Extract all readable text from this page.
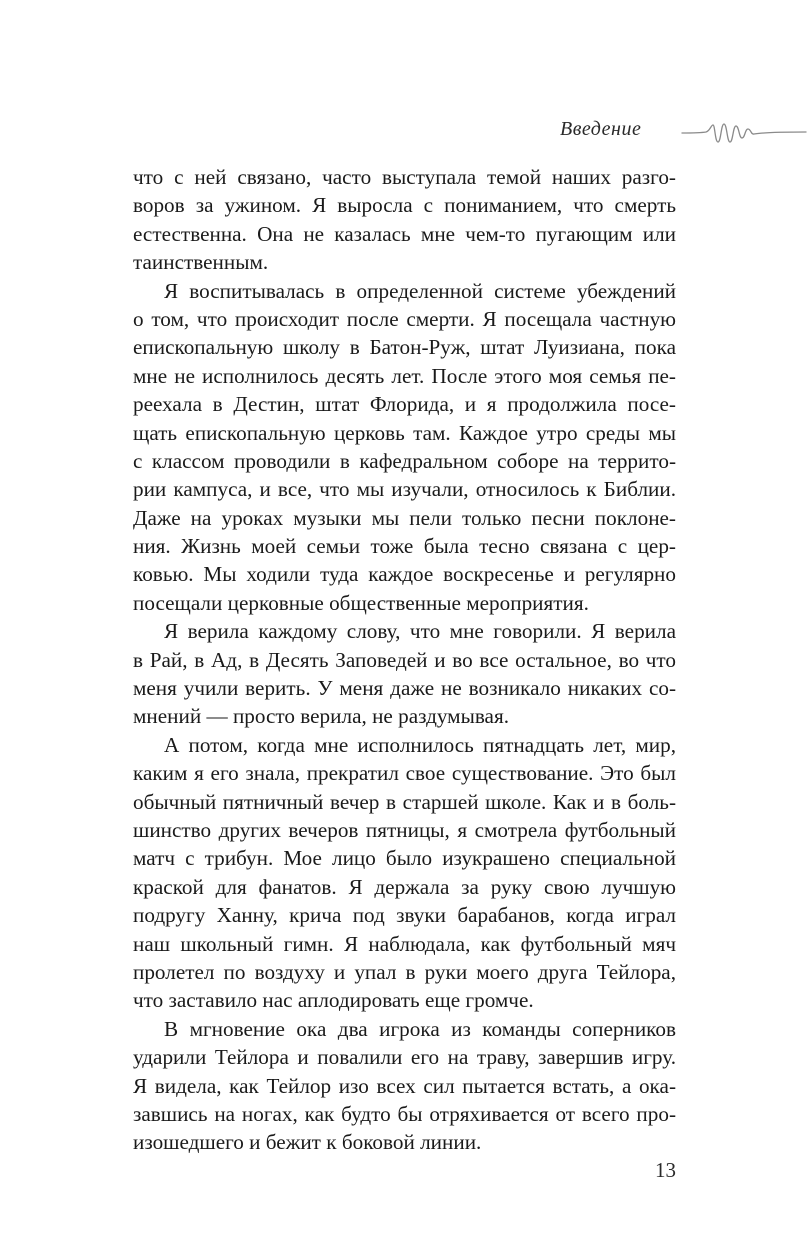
Введение

что с ней связано, часто выступала темой наших разго-
воров за ужином. Я выросла с пониманием, что смерть
естественна. Она не казалась мне чем-то пугающим или
таинственным.

Я воспитывалась в определенной системе убеждений
о том, что происходит после смерти. Я посещала частную
епископальную школу в Батон-Руж, штат Луизиана, пока
мне не исполнилось десять лет. После этого моя семья пе-
реехала в Дестин, штат Флорида, и я продолжила посе-
щать епископальную церковь там. Каждое утро среды мы
с классом проводили в кафедральном соборе на террито-
рии кампуса, и все, что мы изучали, относилось к Библии.
Даже на уроках музыки мы пели только песни поклоне-
ния. Жизнь моей семьи тоже была тесно связана с цер-
ковью. Мы ходили туда каждое воскресенье и регулярно
посещали церковные общественные мероприятия.

Я верила каждому слову, что мне говорили. Я верила
в Рай, в Ад, в Десять Заповедей и во все остальное, во что
меня учили верить. У меня даже не возникало никаких со-
мнений — просто верила, не раздумывая.

А потом, когда мне исполнилось пятнадцать лет, мир,
каким я его знала, прекратил свое существование. Это был
обычный пятничный вечер в старшей школе. Как и в боль-
шинство других вечеров пятницы, я смотрела футбольный
матч с трибун. Мое лицо было изукрашено специальной
краской для фанатов. Я держала за руку свою лучшую
подругу Ханну, крича под звуки барабанов, когда играл
наш школьный гимн. Я наблюдала, как футбольный мяч
пролетел по воздуху и упал в руки моего друга Тейлора,
что заставило нас аплодировать еще громче.

В мгновение ока два игрока из команды соперников
ударили Тейлора и повалили его на траву, завершив игру.
Я видела, как Тейлор изо всех сил пытается встать, а ока-
завшись на ногах, как будто бы отряхивается от всего про-
изошедшего и бежит к боковой линии.

13
